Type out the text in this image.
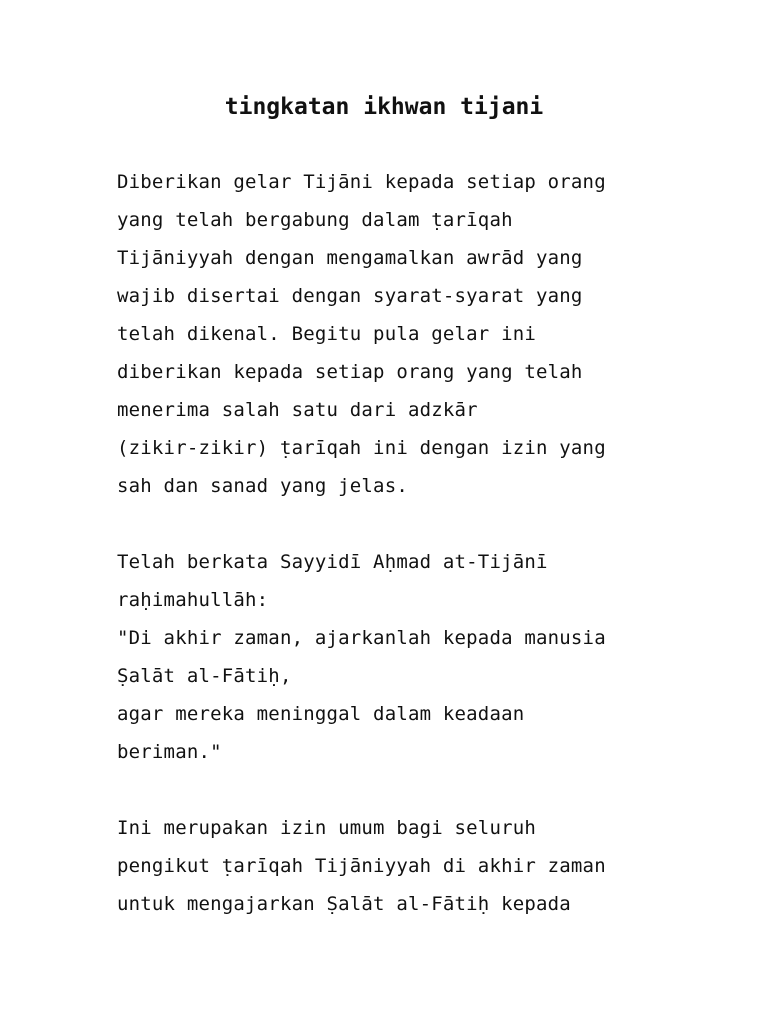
tingkatan ikhwan tijani
Diberikan gelar Tijāni kepada setiap orang
yang telah bergabung dalam ṭarīqah
Tijāniyyah dengan mengamalkan awrād yang
wajib disertai dengan syarat-syarat yang
telah dikenal. Begitu pula gelar ini
diberikan kepada setiap orang yang telah
menerima salah satu dari adzkār
(zikir-zikir) ṭarīqah ini dengan izin yang
sah dan sanad yang jelas.
Telah berkata Sayyidī Aḥmad at-Tijānī
raḥimahullāh:
"Di akhir zaman, ajarkanlah kepada manusia
Ṣalāt al-Fātiḥ,
agar mereka meninggal dalam keadaan
beriman."
Ini merupakan izin umum bagi seluruh
pengikut ṭarīqah Tijāniyyah di akhir zaman
untuk mengajarkan Ṣalāt al-Fātiḥ kepada
